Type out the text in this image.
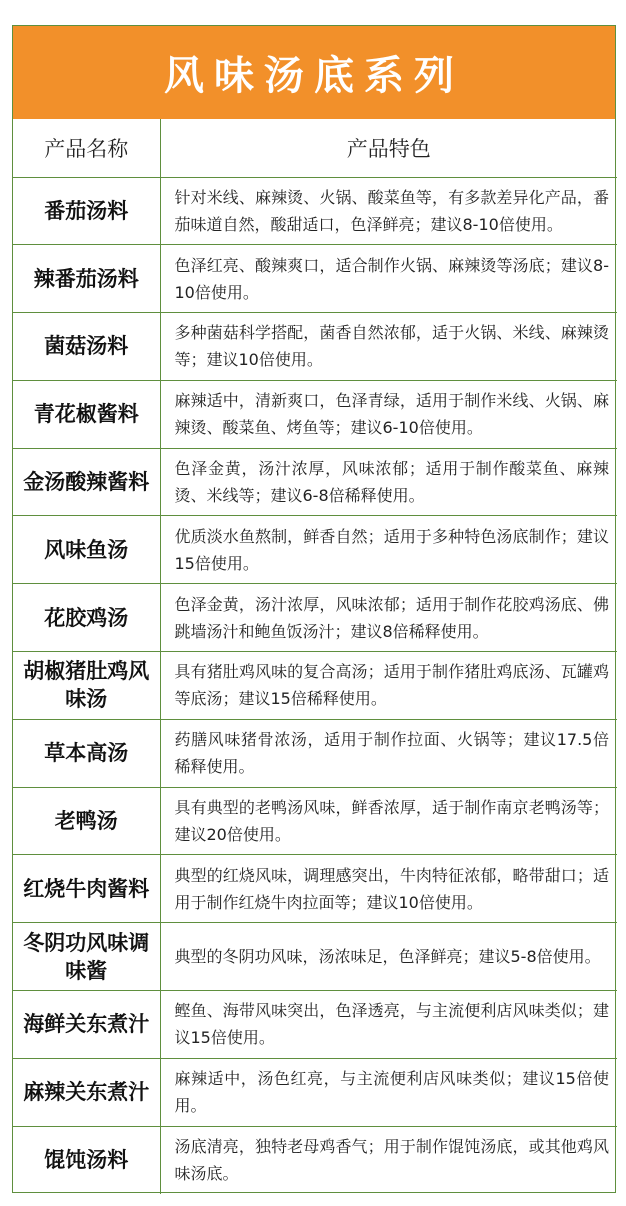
风味汤底系列
产品名称	产品特色
番茄汤料	针对米线、麻辣烫、火锅、酸菜鱼等，有多款差异化产品，番茄味道自然，酸甜适口，色泽鲜亮；建议8-10倍使用。
辣番茄汤料	色泽红亮、酸辣爽口，适合制作火锅、麻辣烫等汤底；建议8-10倍使用。
菌菇汤料	多种菌菇科学搭配，菌香自然浓郁，适于火锅、米线、麻辣烫等；建议10倍使用。
青花椒酱料	麻辣适中，清新爽口，色泽青绿，适用于制作米线、火锅、麻辣烫、酸菜鱼、烤鱼等；建议6-10倍使用。
金汤酸辣酱料	色泽金黄，汤汁浓厚，风味浓郁；适用于制作酸菜鱼、麻辣烫、米线等；建议6-8倍稀释使用。
风味鱼汤	优质淡水鱼熬制，鲜香自然；适用于多种特色汤底制作；建议15倍使用。
花胶鸡汤	色泽金黄，汤汁浓厚，风味浓郁；适用于制作花胶鸡汤底、佛跳墙汤汁和鲍鱼饭汤汁；建议8倍稀释使用。
胡椒猪肚鸡风味汤	具有猪肚鸡风味的复合高汤；适用于制作猪肚鸡底汤、瓦罐鸡等底汤；建议15倍稀释使用。
草本高汤	药膳风味猪骨浓汤，适用于制作拉面、火锅等；建议17.5倍稀释使用。
老鸭汤	具有典型的老鸭汤风味，鲜香浓厚，适于制作南京老鸭汤等；建议20倍使用。
红烧牛肉酱料	典型的红烧风味，调理感突出，牛肉特征浓郁，略带甜口；适用于制作红烧牛肉拉面等；建议10倍使用。
冬阴功风味调味酱	典型的冬阴功风味，汤浓味足，色泽鲜亮；建议5-8倍使用。
海鲜关东煮汁	鲣鱼、海带风味突出，色泽透亮，与主流便利店风味类似；建议15倍使用。
麻辣关东煮汁	麻辣适中，汤色红亮，与主流便利店风味类似；建议15倍使用。
馄饨汤料	汤底清亮，独特老母鸡香气；用于制作馄饨汤底，或其他鸡风味汤底。
